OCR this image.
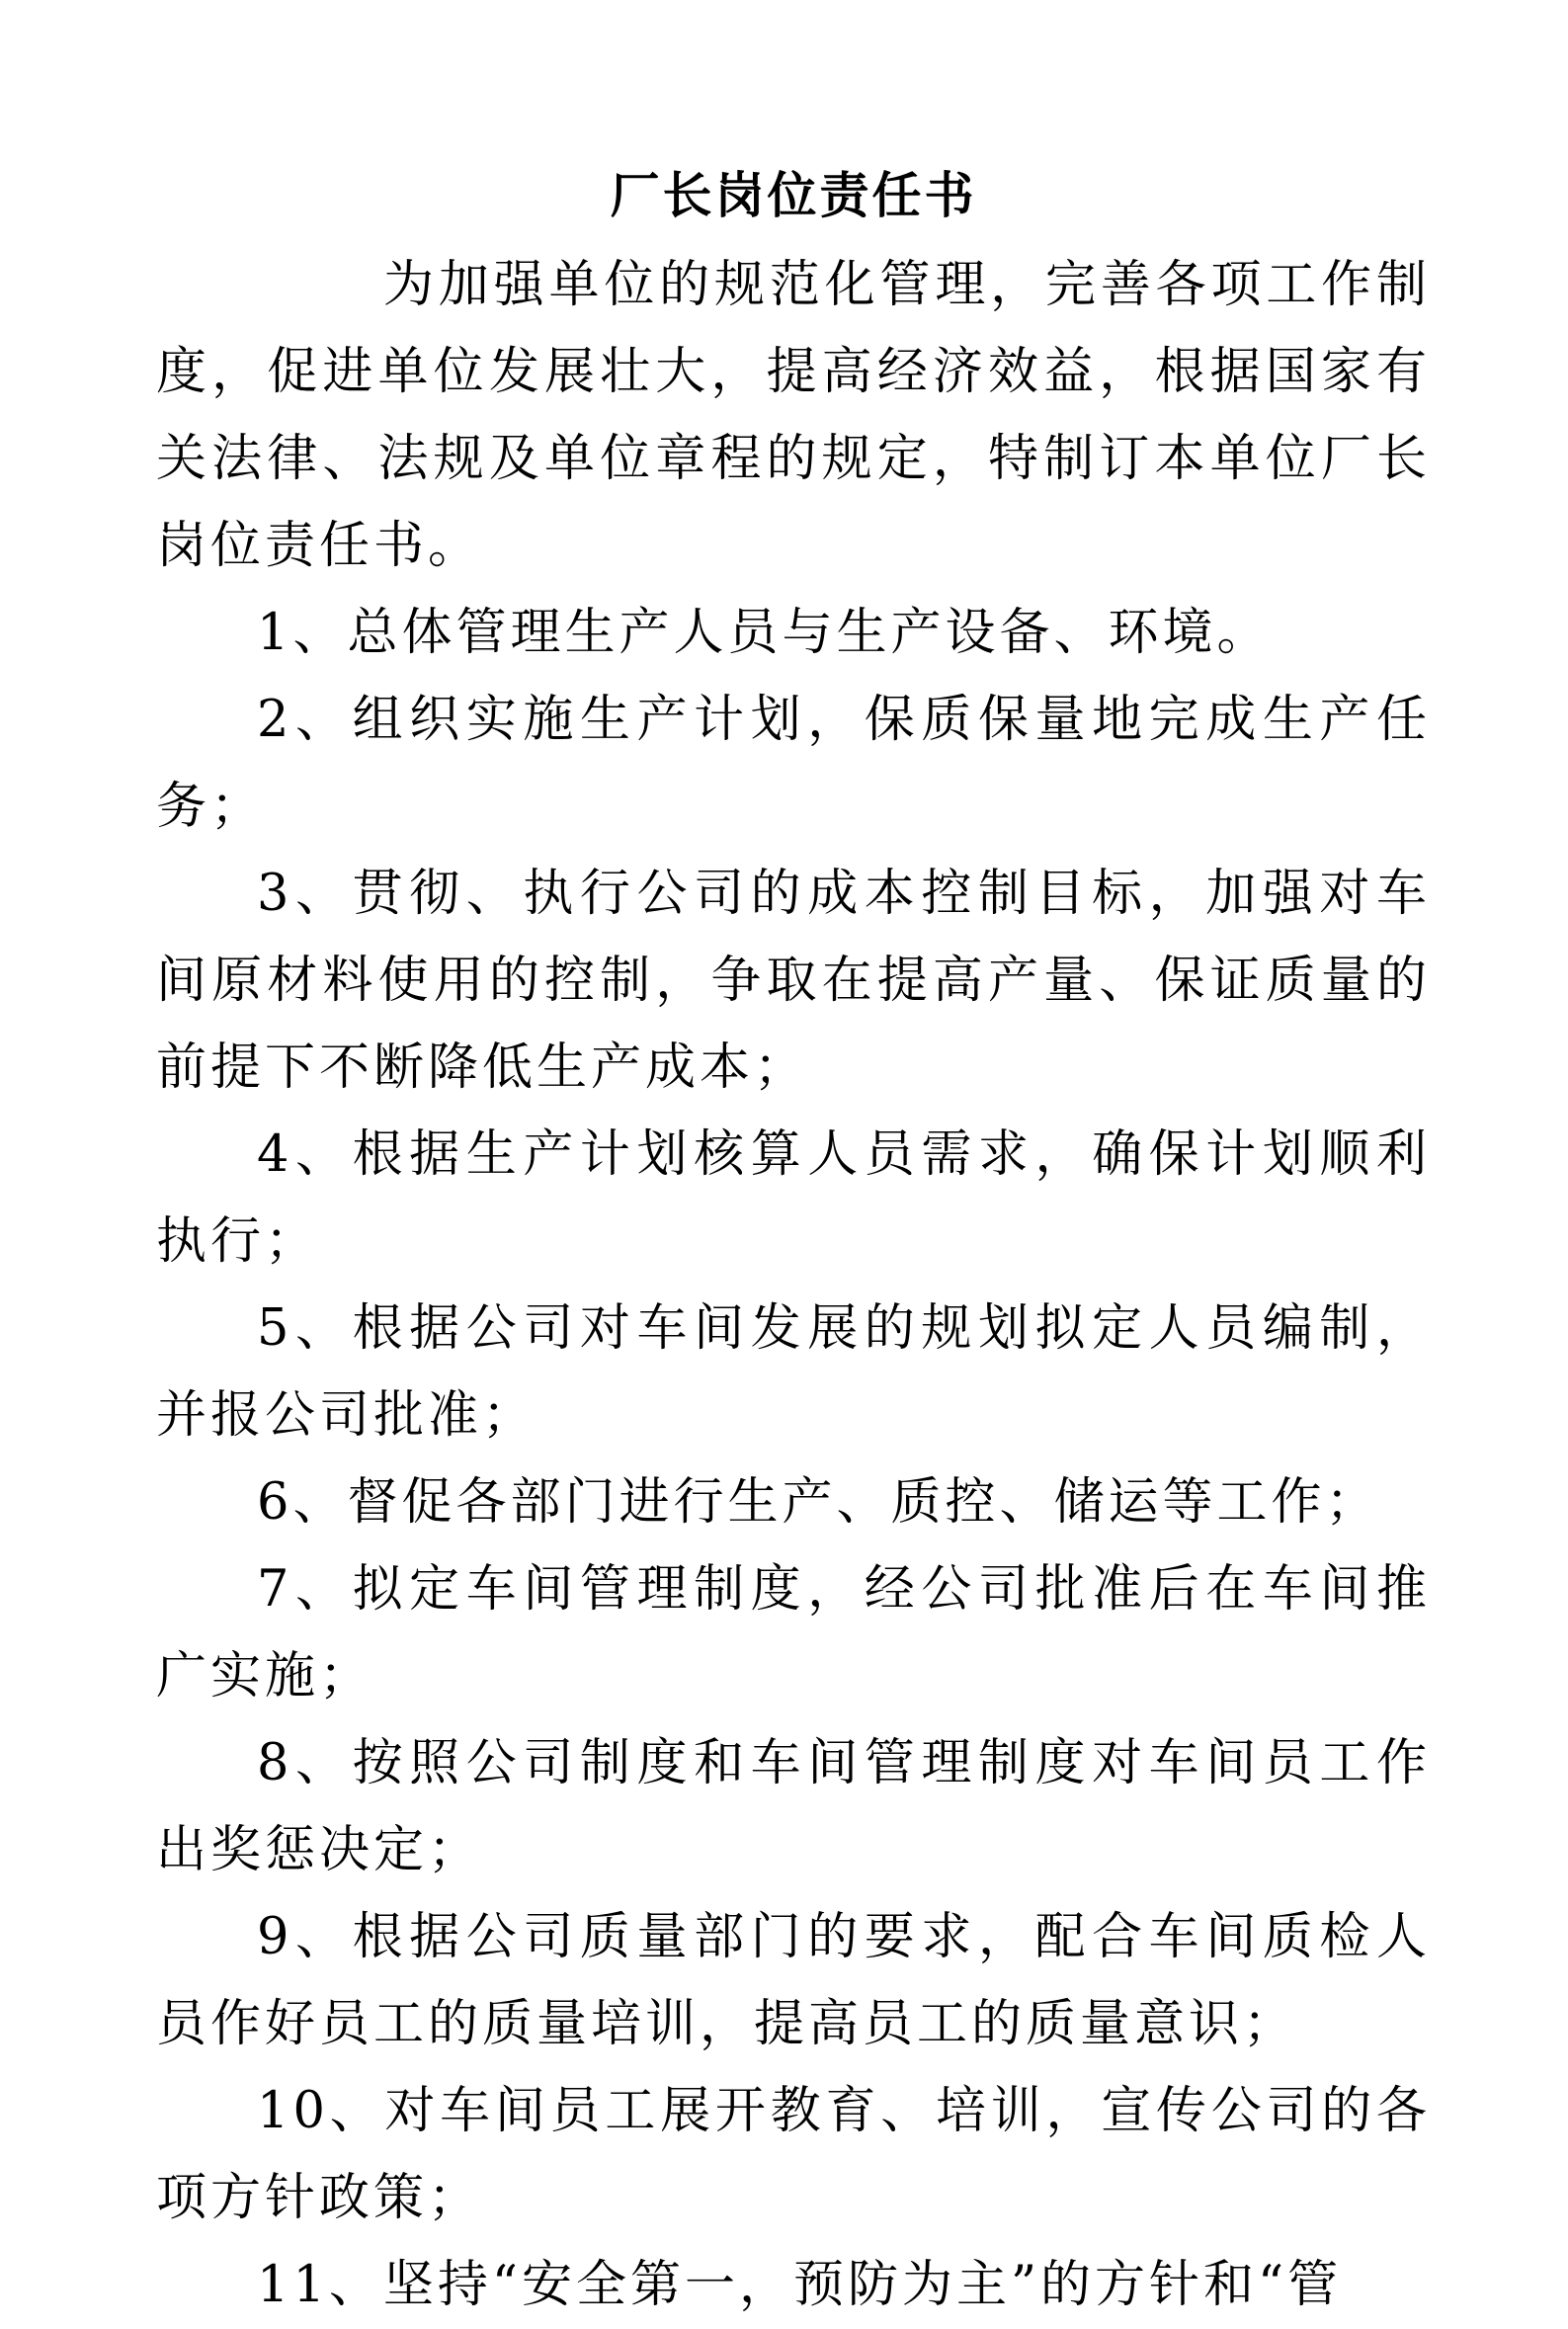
厂长岗位责任书

为加强单位的规范化管理，完善各项工作制度，促进单位发展壮大，提高经济效益，根据国家有关法律、法规及单位章程的规定，特制订本单位厂长岗位责任书。

1、总体管理生产人员与生产设备、环境。

2、组织实施生产计划，保质保量地完成生产任务；

3、贯彻、执行公司的成本控制目标，加强对车间原材料使用的控制，争取在提高产量、保证质量的前提下不断降低生产成本；

4、根据生产计划核算人员需求，确保计划顺利执行；

5、根据公司对车间发展的规划拟定人员编制，并报公司批准；

6、督促各部门进行生产、质控、储运等工作；

7、拟定车间管理制度，经公司批准后在车间推广实施；

8、按照公司制度和车间管理制度对车间员工作出奖惩决定；

9、根据公司质量部门的要求，配合车间质检人员作好员工的质量培训，提高员工的质量意识；

10、对车间员工展开教育、培训，宣传公司的各项方针政策；

11、坚持“安全第一，预防为主”的方针和“管
